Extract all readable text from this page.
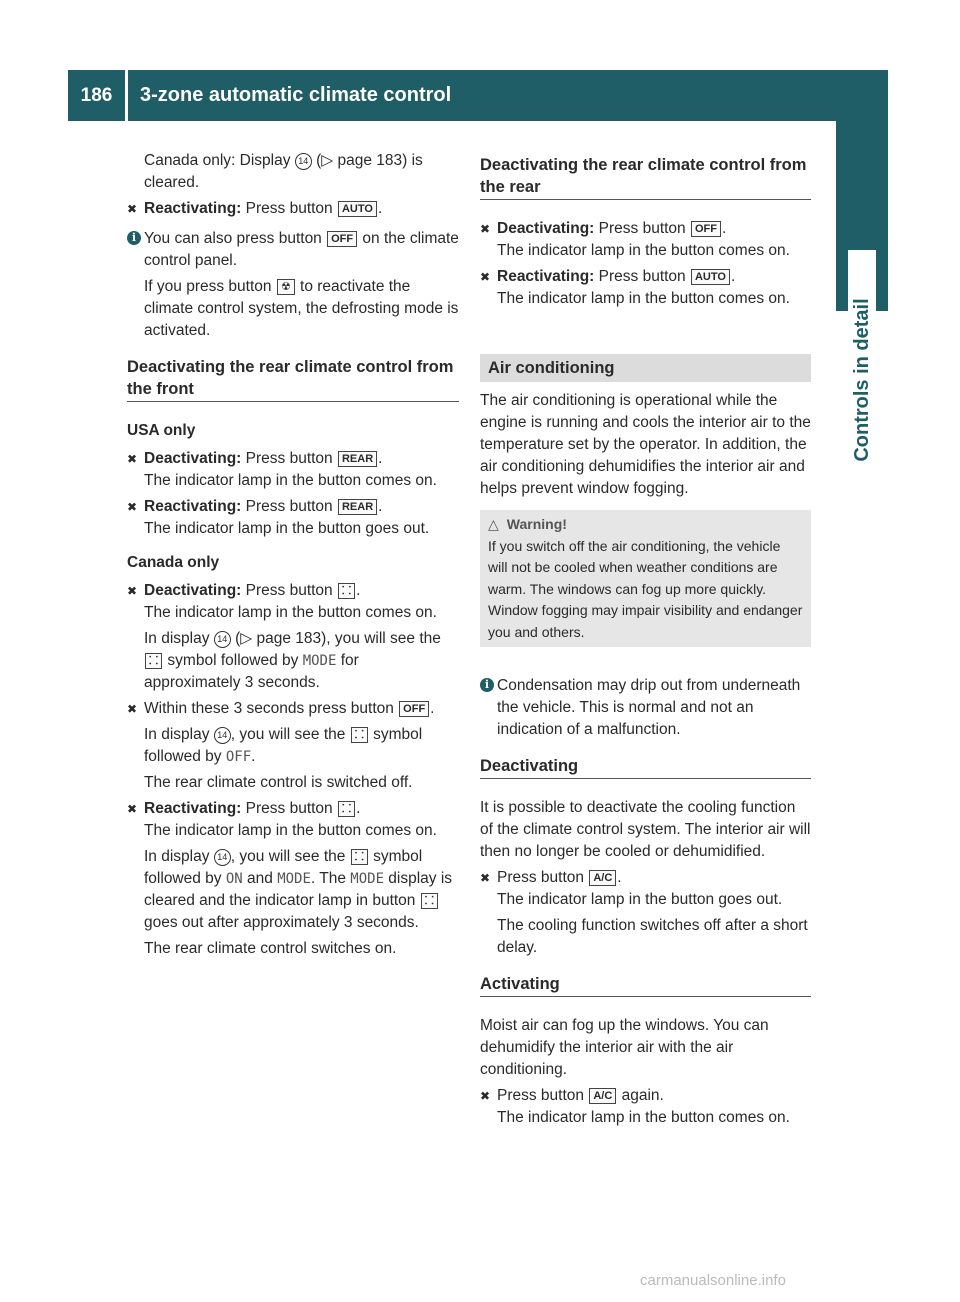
186	3-zone automatic climate control
Controls in detail

Canada only: Display 14 (▷ page 183) is cleared.

✖ Reactivating: Press button AUTO .
i You can also press button OFF on the climate control panel.

If you press button ☢ to reactivate the climate control system, the defrosting mode is activated.

Deactivating the rear climate control from the front
USA only
✖ Deactivating: Press button REAR .
The indicator lamp in the button comes on.
✖ Reactivating: Press button REAR .
The indicator lamp in the button goes out.
Canada only
✖ Deactivating: Press button ⸬ .
The indicator lamp in the button comes on.

In display 14 (▷ page 183), you will see the ⸬ symbol followed by MODE for approximately 3 seconds.

✖ Within these 3 seconds press button OFF .

In display 14 , you will see the ⸬ symbol followed by OFF.

The rear climate control is switched off.

✖ Reactivating: Press button ⸬ .
The indicator lamp in the button comes on.

In display 14 , you will see the ⸬ symbol followed by ON and MODE. The MODE display is cleared and the indicator lamp in button ⸬ goes out after approximately 3 seconds.

The rear climate control switches on.

Deactivating the rear climate control from the rear
✖ Deactivating: Press button OFF .
The indicator lamp in the button comes on.
✖ Reactivating: Press button AUTO .
The indicator lamp in the button comes on.
Air conditioning

The air conditioning is operational while the engine is running and cools the interior air to the temperature set by the operator. In addition, the air conditioning dehumidifies the interior air and helps prevent window fogging.

△ Warning!
If you switch off the air conditioning, the vehicle will not be cooled when weather conditions are warm. The windows can fog up more quickly. Window fogging may impair visibility and endanger you and others.
i Condensation may drip out from underneath the vehicle. This is normal and not an indication of a malfunction.

Deactivating

It is possible to deactivate the cooling function of the climate control system. The interior air will then no longer be cooled or dehumidified.

✖ Press button A/C .
The indicator lamp in the button goes out.

The cooling function switches off after a short delay.

Activating

Moist air can fog up the windows. You can dehumidify the interior air with the air conditioning.

✖ Press button A/C again.
The indicator lamp in the button comes on.
carmanualsonline.info
